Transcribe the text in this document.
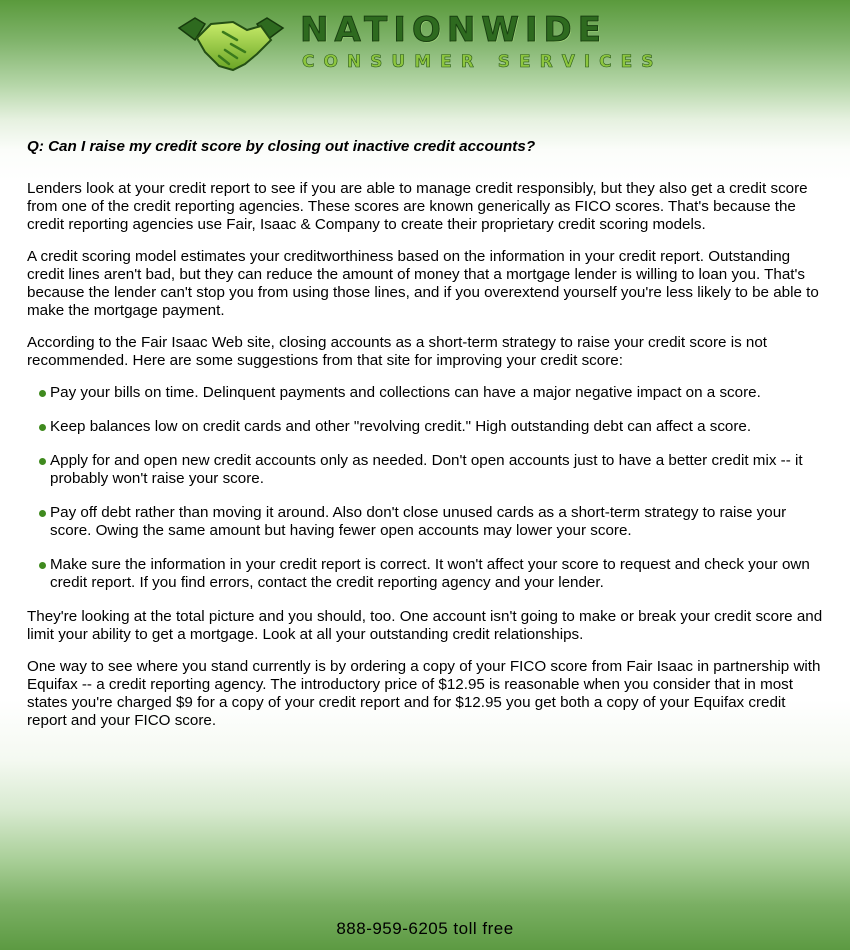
NATIONWIDE
CONSUMER SERVICES
Q: Can I raise my credit score by closing out inactive credit accounts?

Lenders look at your credit report to see if you are able to manage credit responsibly, but they also get a credit score from one of the credit reporting agencies. These scores are known generically as FICO scores. That's because the credit reporting agencies use Fair, Isaac & Company to create their proprietary credit scoring models.

A credit scoring model estimates your creditworthiness based on the information in your credit report. Outstanding credit lines aren't bad, but they can reduce the amount of money that a mortgage lender is willing to loan you. That's because the lender can't stop you from using those lines, and if you overextend yourself you're less likely to be able to make the mortgage payment.

According to the Fair Isaac Web site, closing accounts as a short-term strategy to raise your credit score is not recommended. Here are some suggestions from that site for improving your credit score:

Pay your bills on time. Delinquent payments and collections can have a major negative impact on a score.
Keep balances low on credit cards and other "revolving credit." High outstanding debt can affect a score.
Apply for and open new credit accounts only as needed. Don't open accounts just to have a better credit mix -- it probably won't raise your score.
Pay off debt rather than moving it around. Also don't close unused cards as a short-term strategy to raise your score. Owing the same amount but having fewer open accounts may lower your score.
Make sure the information in your credit report is correct. It won't affect your score to request and check your own credit report. If you find errors, contact the credit reporting agency and your lender.

They're looking at the total picture and you should, too. One account isn't going to make or break your credit score and limit your ability to get a mortgage. Look at all your outstanding credit relationships.

One way to see where you stand currently is by ordering a copy of your FICO score from Fair Isaac in partnership with Equifax -- a credit reporting agency. The introductory price of $12.95 is reasonable when you consider that in most states you're charged $9 for a copy of your credit report and for $12.95 you get both a copy of your Equifax credit report and your FICO score.

888-959-6205 toll free
